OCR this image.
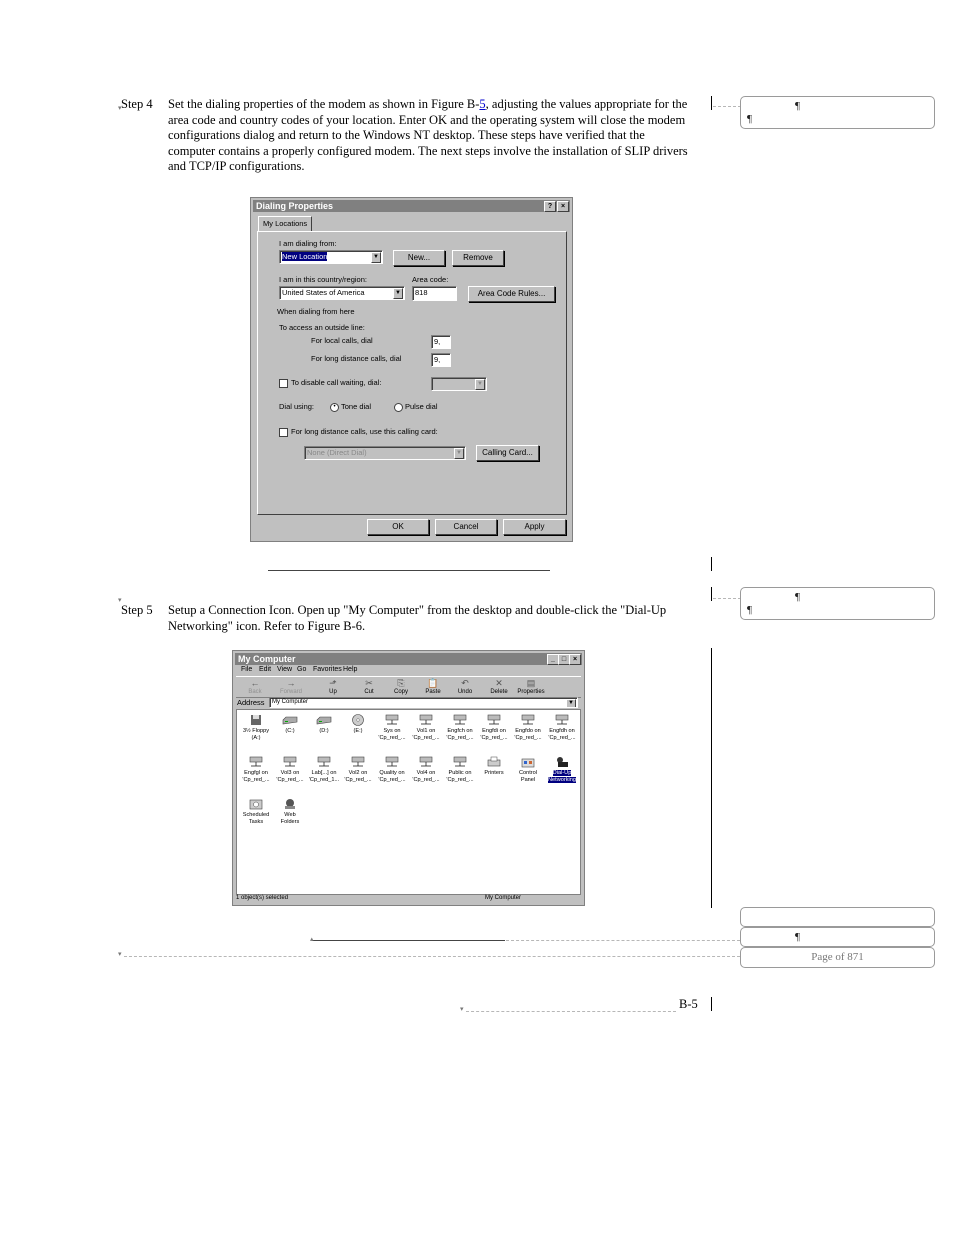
▾ Step 4 Set the dialing properties of the modem as shown in Figure B-5, adjusting the values appropriate for the area code and country codes of your location. Enter OK and the operating system will close the modem configurations dialog and return to the Windows NT desktop. These steps have verified that the computer contains a properly configured modem. The next steps involve the installation of SLIP drivers and TCP/IP configurations.
¶
¶
Dialing Properties	?	×
My Locations
I am dialing from:
New Location	▼	New...	Remove
I am in this country/region:	Area code:
United States of America	▼	818	Area Code Rules...
When dialing from here
To access an outside line:
For local calls, dial	9,
For long distance calls, dial	9,
To disable call waiting, dial:	▼
Dial using:	• Tone dial	Pulse dial
For long distance calls, use this calling card:
None (Direct Dial)	▼	Calling Card...
OK	Cancel	Apply
▾
Step 5 Setup a Connection Icon. Open up "My Computer" from the desktop and double-click the "Dial-Up Networking" icon. Refer to Figure B-6.
¶
¶
My Computer	_ □ ×
File Edit View Go Favorites Help
←
Back
→
Forward
⬏
Up
✂
Cut
⎘
Copy
📋
Paste
↶
Undo
✕
Delete
▤
Properties
Address	My Computer	▼
3½ Floppy
(A:)
(C:)	(D:)	(E:)	Sys on
'Cp_red_...
Vol1 on
'Cp_red_...
Engfch on
'Cp_red_...
Engfdi on
'Cp_red_...
Engfdo on
'Cp_red_...
Engfdh on
'Cp_red_...
Engfgl on
'Cp_red_...
Vol3 on
'Cp_red_...
Lab[...] on
'Cp_red_1...
Vol2 on
'Cp_red_...
Quality on
'Cp_red_...
Vol4 on
'Cp_red_...
Public on
'Cp_red_...
Printers	Control
Panel
Dial-Up
Networking
Scheduled
Tasks
Web
Folders
1 object(s) selected	My Computer
▴
▾
¶
Page of 871
B-5
▾
